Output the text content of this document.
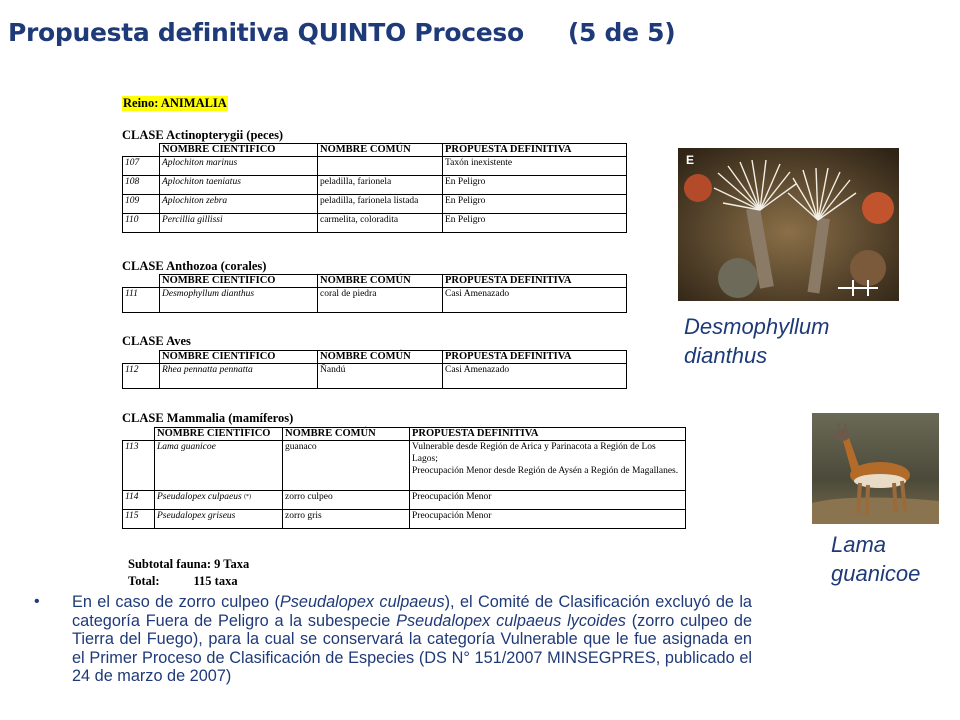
Propuesta definitiva QUINTO Proceso (5 de 5)
Reino: ANIMALIA
CLASE Actinopterygii (peces)
	NOMBRE CIENTÍFICO	NOMBRE COMÚN	PROPUESTA DEFINITIVA
107	Aplochiton marinus		Taxón inexistente
108	Aplochiton taeniatus	peladilla, farionela	En Peligro
109	Aplochiton zebra	peladilla, farionela listada	En Peligro
110	Percillia gillissi	carmelita, coloradita	En Peligro
CLASE Anthozoa (corales)
	NOMBRE CIENTÍFICO	NOMBRE COMÚN	PROPUESTA DEFINITIVA
111	Desmophyllum dianthus	coral de piedra	Casi Amenazado
CLASE Aves
	NOMBRE CIENTÍFICO	NOMBRE COMÚN	PROPUESTA DEFINITIVA
112	Rhea pennatta pennatta	Ñandú	Casi Amenazado
CLASE Mammalia (mamíferos)
	NOMBRE CIENTÍFICO	NOMBRE COMÚN	PROPUESTA DEFINITIVA
113	Lama guanicoe	guanaco	Vulnerable desde Región de Arica y Parinacota a Región de Los Lagos;
Preocupación Menor desde Región de Aysén a Región de Magallanes.
114	Pseudalopex culpaeus (*)	zorro culpeo	Preocupación Menor
115	Pseudalopex griseus	zorro gris	Preocupación Menor
Subtotal fauna: 9 Taxa
Total:	115 taxa
E
Desmophyllum
dianthus
Lama
guanicoe
• En el caso de zorro culpeo (Pseudalopex culpaeus), el Comité de Clasificación excluyó de la categoría Fuera de Peligro a la subespecie Pseudalopex culpaeus lycoides (zorro culpeo de Tierra del Fuego), para la cual se conservará la categoría Vulnerable que le fue asignada en el Primer Proceso de Clasificación de Especies (DS N° 151/2007 MINSEGPRES, publicado el 24 de marzo de 2007)
